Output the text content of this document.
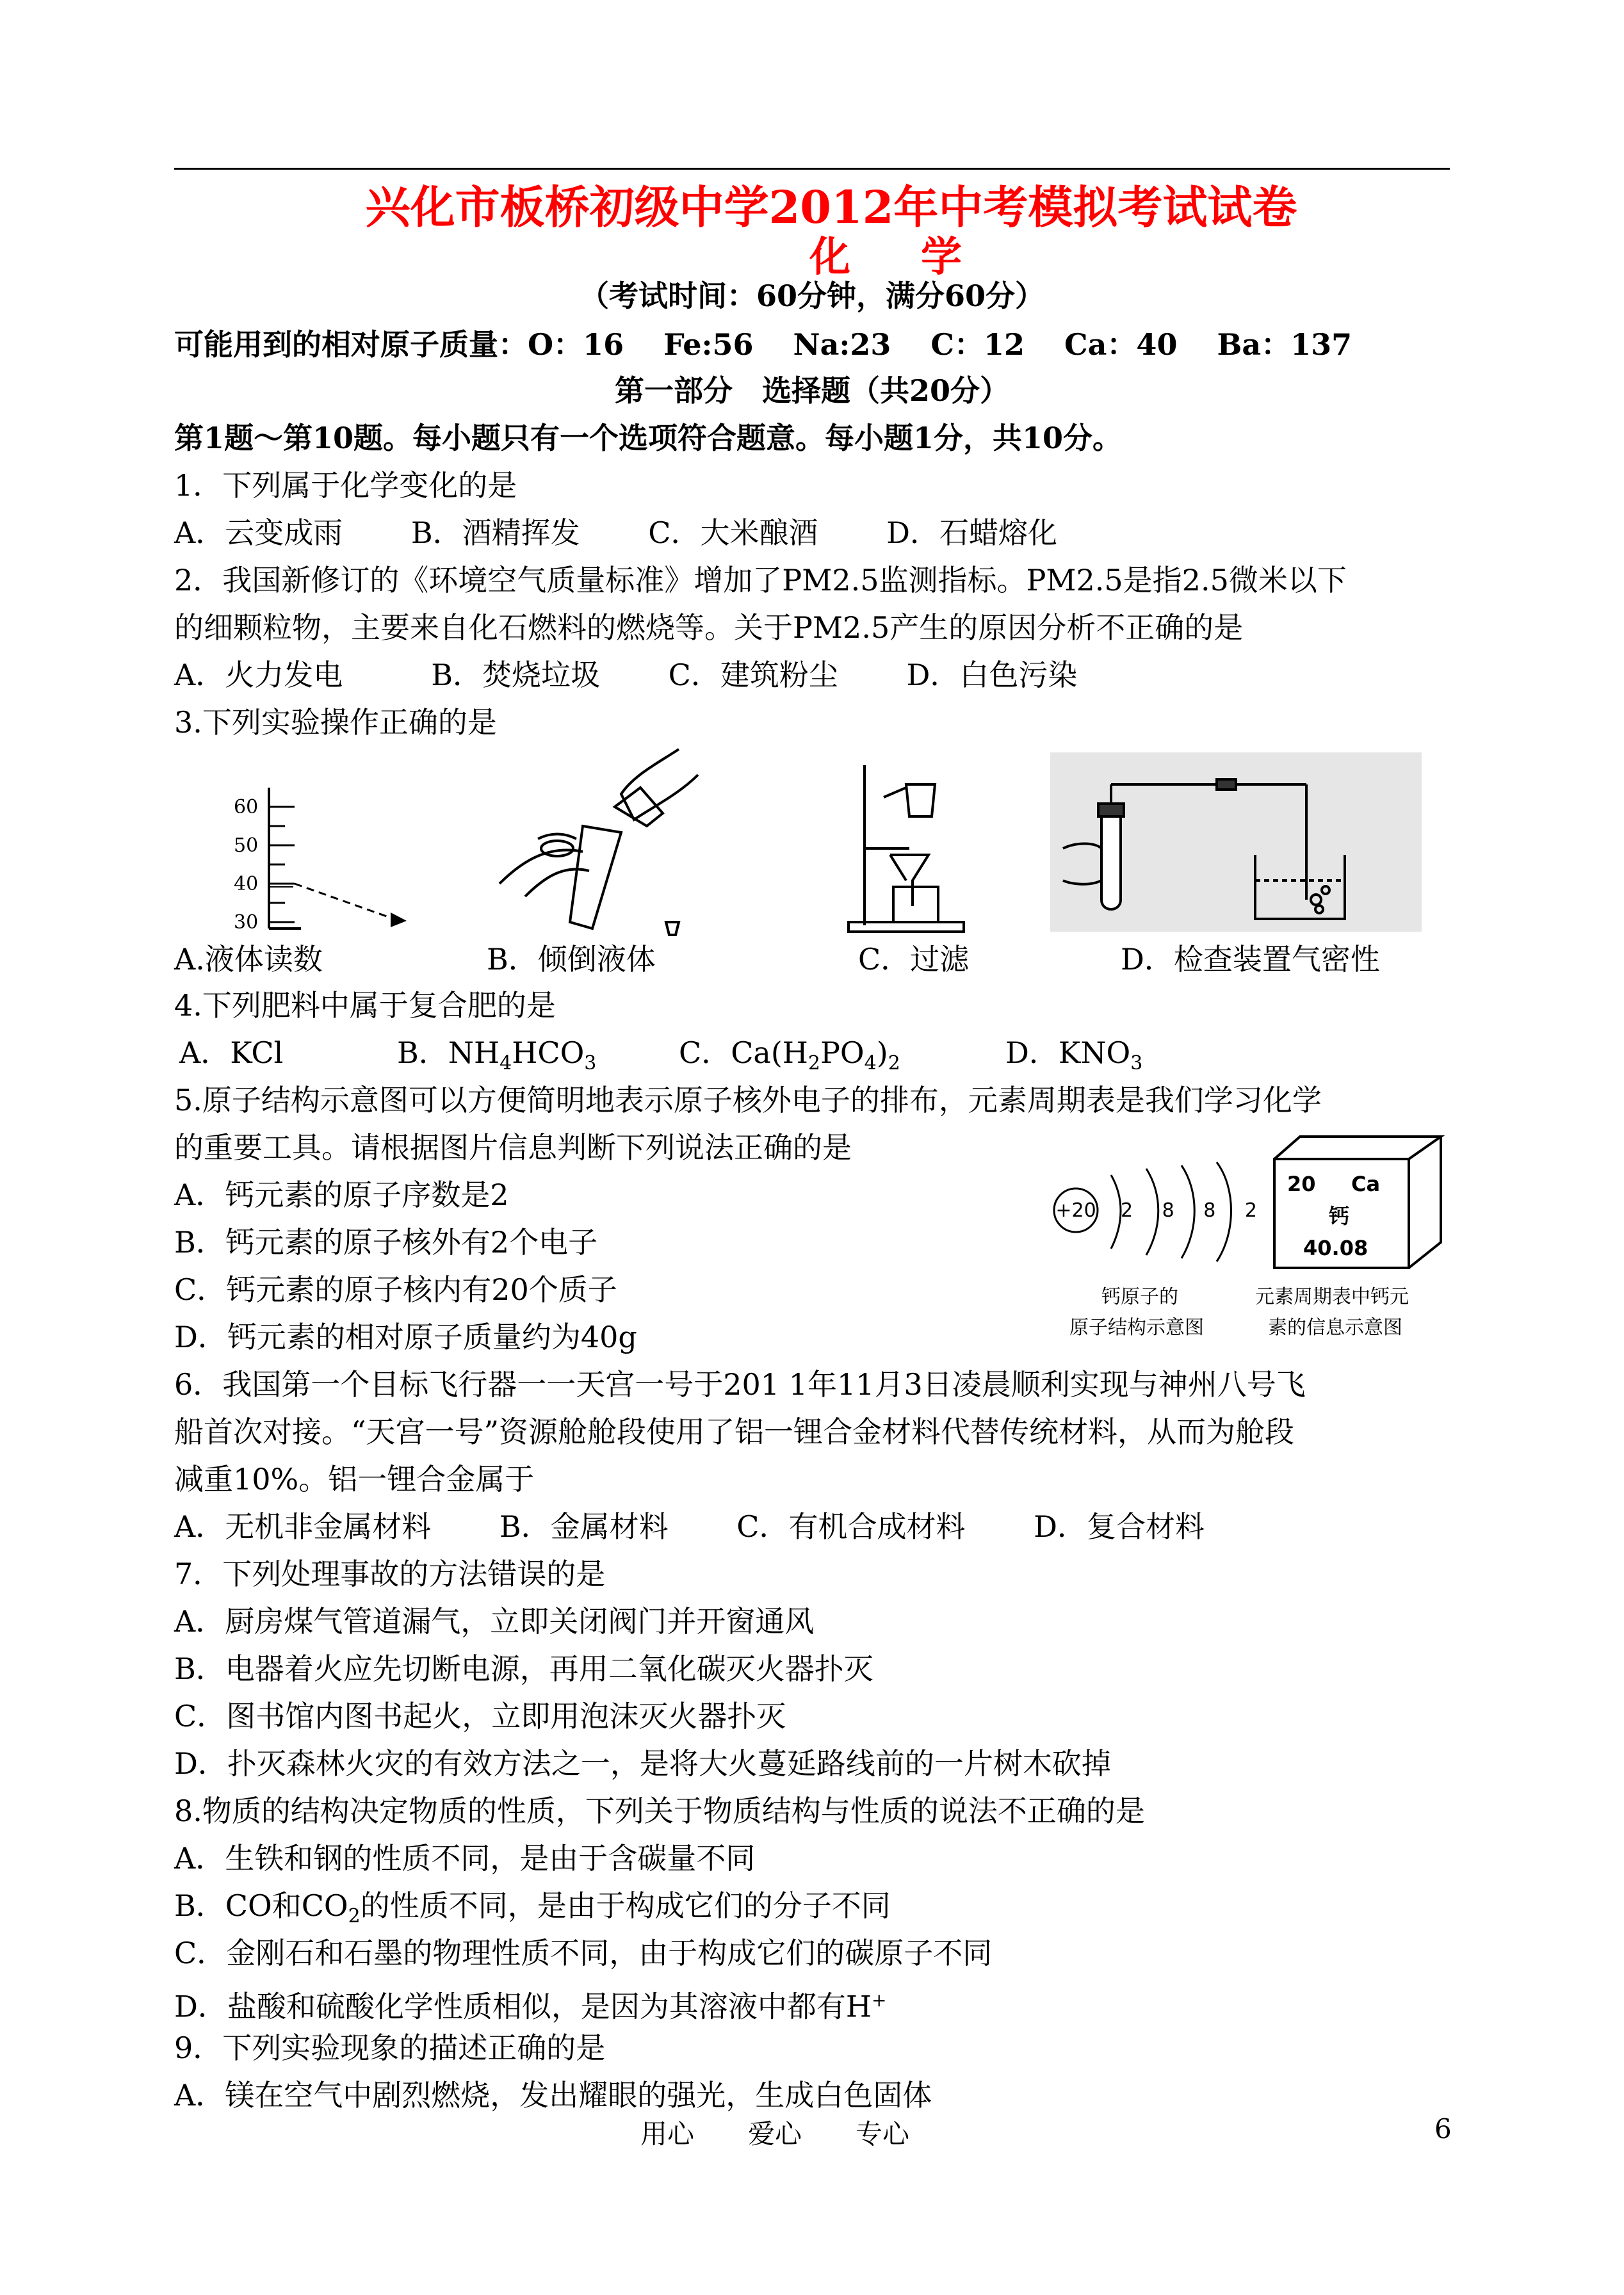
兴化市板桥初级中学2012年中考模拟考试试卷
化学
（考试时间：60分钟，满分60分）
可能用到的相对原子质量：O：16　 Fe:56　 Na:23　 C：12　 Ca：40　 Ba：137
第一部分　选择题（共20分）
第1题～第10题。每小题只有一个选项符合题意。每小题1分，共10分。
1．下列属于化学变化的是
A．云变成雨　　 B．酒精挥发　　 C．大米酿酒　　 D．石蜡熔化
2．我国新修订的《环境空气质量标准》增加了PM2.5监测指标。PM2.5是指2.5微米以下
的细颗粒物，主要来自化石燃料的燃烧等。关于PM2.5产生的原因分析不正确的是
A．火力发电　　　B．焚烧垃圾　　 C．建筑粉尘　　 D．白色污染
3.下列实验操作正确的是
60
50
40
30
A.液体读数	B．倾倒液体	C．过滤	D．检查装置气密性
4.下列肥料中属于复合肥的是
A．KCl	B．$NH_4HCO_3$	C．$Ca(H_2PO_4)_2$	D．$KNO_3$
5.原子结构示意图可以方便简明地表示原子核外电子的排布，元素周期表是我们学习化学
的重要工具。请根据图片信息判断下列说法正确的是
A．钙元素的原子序数是2
B．钙元素的原子核外有2个电子
C．钙元素的原子核内有20个质子
D．钙元素的相对原子质量约为40g
+20 2 8 8 2
钙原子的
原子结构示意图
20 Ca
钙
40.08
元素周期表中钙元
素的信息示意图
6．我国第一个目标飞行器一一天宫一号于201 1年11月3日凌晨顺利实现与神州八号飞
船首次对接。“天宫一号”资源舱舱段使用了铝一锂合金材料代替传统材料，从而为舱段
减重10%。铝一锂合金属于
A．无机非金属材料　　 B．金属材料　　 C．有机合成材料　　 D．复合材料
7．下列处理事故的方法错误的是
A．厨房煤气管道漏气，立即关闭阀门并开窗通风
B．电器着火应先切断电源，再用二氧化碳灭火器扑灭
C．图书馆内图书起火，立即用泡沫灭火器扑灭
D．扑灭森林火灾的有效方法之一，是将大火蔓延路线前的一片树木砍掉
8.物质的结构决定物质的性质，下列关于物质结构与性质的说法不正确的是
A．生铁和钢的性质不同，是由于含碳量不同
B．CO和$CO_2$的性质不同，是由于构成它们的分子不同
C．金刚石和石墨的物理性质不同，由于构成它们的碳原子不同
D．盐酸和硫酸化学性质相似，是因为其溶液中都有H+
9．下列实验现象的描述正确的是
A．镁在空气中剧烈燃烧，发出耀眼的强光，生成白色固体
用心　　爱心　　专心	6
